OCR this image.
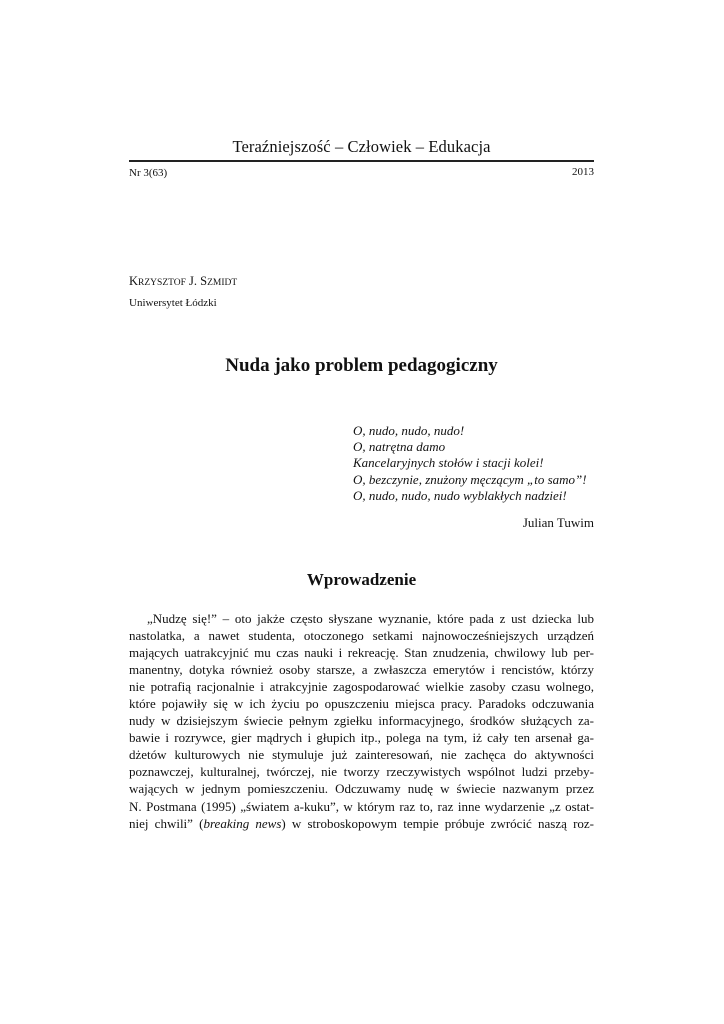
Teraźniejszość – Człowiek – Edukacja
Nr 3(63)	2013
KRZYSZTOF J. SZMIDT
Uniwersytet Łódzki
Nuda jako problem pedagogiczny
O, nudo, nudo, nudo!
O, natrętna damo
Kancelaryjnych stołów i stacji kolei!
O, bezczynie, znużony męczącym „to samo”!
O, nudo, nudo, nudo wyblakłych nadziei!
Julian Tuwim
Wprowadzenie
„Nudzę się!” – oto jakże często słyszane wyznanie, które pada z ust dziecka lub
nastolatka, a nawet studenta, otoczonego setkami najnowocześniejszych urządzeń
mających uatrakcyjnić mu czas nauki i rekreację. Stan znudzenia, chwilowy lub per-
manentny, dotyka również osoby starsze, a zwłaszcza emerytów i rencistów, którzy
nie potrafią racjonalnie i atrakcyjnie zagospodarować wielkie zasoby czasu wolnego,
które pojawiły się w ich życiu po opuszczeniu miejsca pracy. Paradoks odczuwania
nudy w dzisiejszym świecie pełnym zgiełku informacyjnego, środków służących za-
bawie i rozrywce, gier mądrych i głupich itp., polega na tym, iż cały ten arsenał ga-
dżetów kulturowych nie stymuluje już zainteresowań, nie zachęca do aktywności
poznawczej, kulturalnej, twórczej, nie tworzy rzeczywistych wspólnot ludzi przeby-
wających w jednym pomieszczeniu. Odczuwamy nudę w świecie nazwanym przez
N. Postmana (1995) „światem a-kuku”, w którym raz to, raz inne wydarzenie „z ostat-
niej chwili” (breaking news) w stroboskopowym tempie próbuje zwrócić naszą roz-
